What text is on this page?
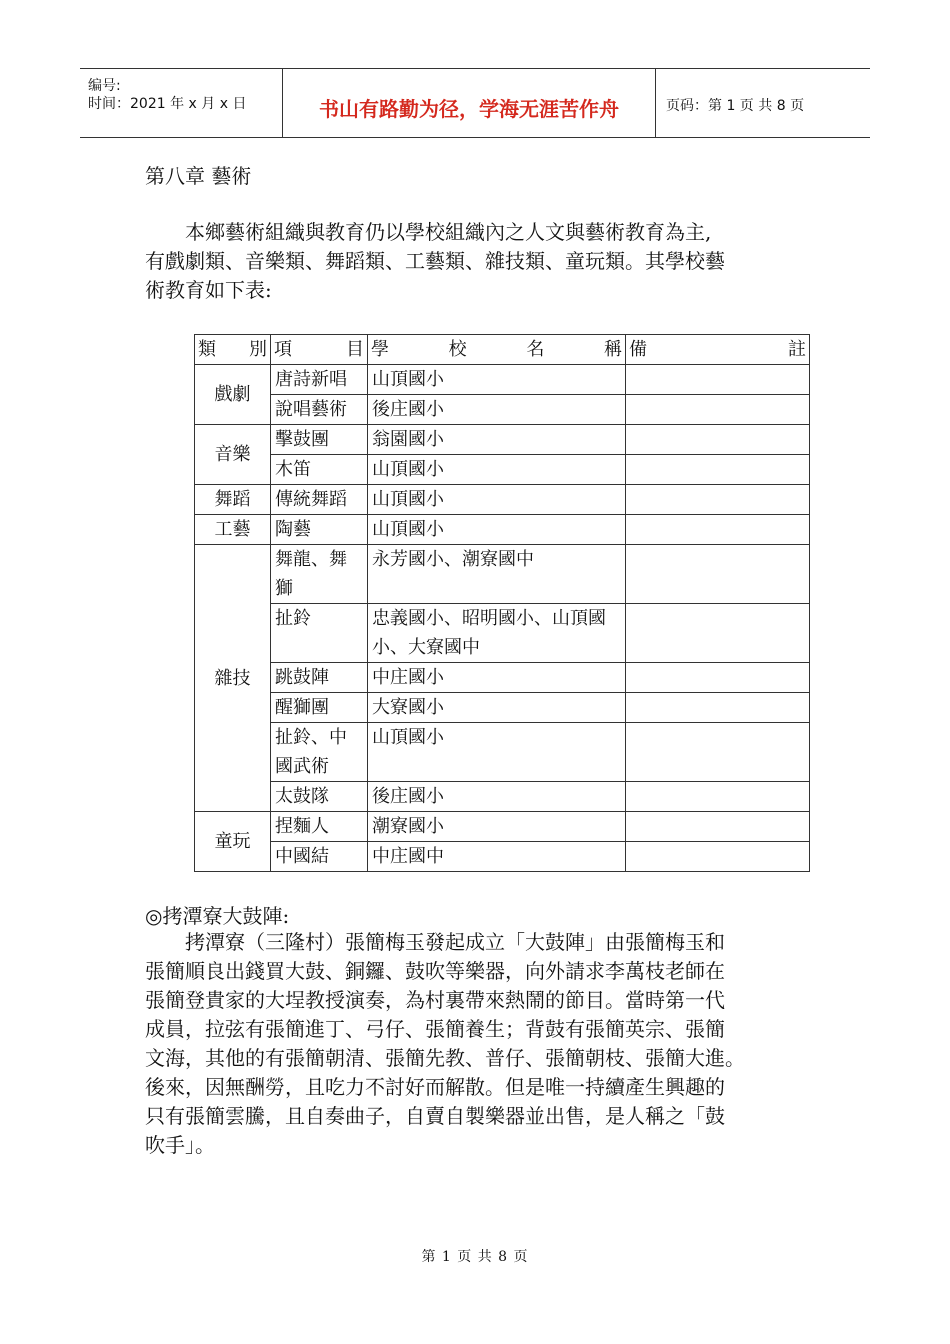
编号:
时间：2021 年 x 月 x 日	书山有路勤为径，学海无涯苦作舟	页码：第 1 页 共 8 页
第八章 藝術
本鄉藝術組織與教育仍以學校組織內之人文與藝術教育為主,
有戲劇類、音樂類、舞蹈類、工藝類、雜技類、童玩類。其學校藝
術教育如下表:
類 別	項 目	學 校 名 稱	備 註

戲劇	唐詩新唱	山頂國小	
	說唱藝術	後庄國小	
音樂	擊鼓團	翁園國小	
	木笛	山頂國小	
舞蹈	傳統舞蹈	山頂國小	
工藝	陶藝	山頂國小	
雜技	舞龍、舞獅	永芳國小、潮寮國中	
	扯鈴	忠義國小、昭明國小、山頂國小、大寮國中	
	跳鼓陣	中庄國小	
	醒獅團	大寮國小	
	扯鈴、中國武術	山頂國小	
	太鼓隊	後庄國小	
童玩	捏麵人	潮寮國小	
	中國結	中庄國中	
◎拷潭寮大鼓陣:
拷潭寮（三隆村）張簡梅玉發起成立「大鼓陣」由張簡梅玉和
張簡順良出錢買大鼓、銅鑼、鼓吹等樂器，向外請求李萬枝老師在
張簡登貴家的大埕教授演奏，為村裏帶來熱鬧的節目。當時第一代
成員，拉弦有張簡進丁、弓仔、張簡養生；背鼓有張簡英宗、張簡
文海，其他的有張簡朝清、張簡先教、普仔、張簡朝枝、張簡大進。
後來，因無酬勞，且吃力不討好而解散。但是唯一持續產生興趣的
只有張簡雲騰，且自奏曲子，自賣自製樂器並出售，是人稱之「鼓
吹手」。
第 1 页 共 8 页
